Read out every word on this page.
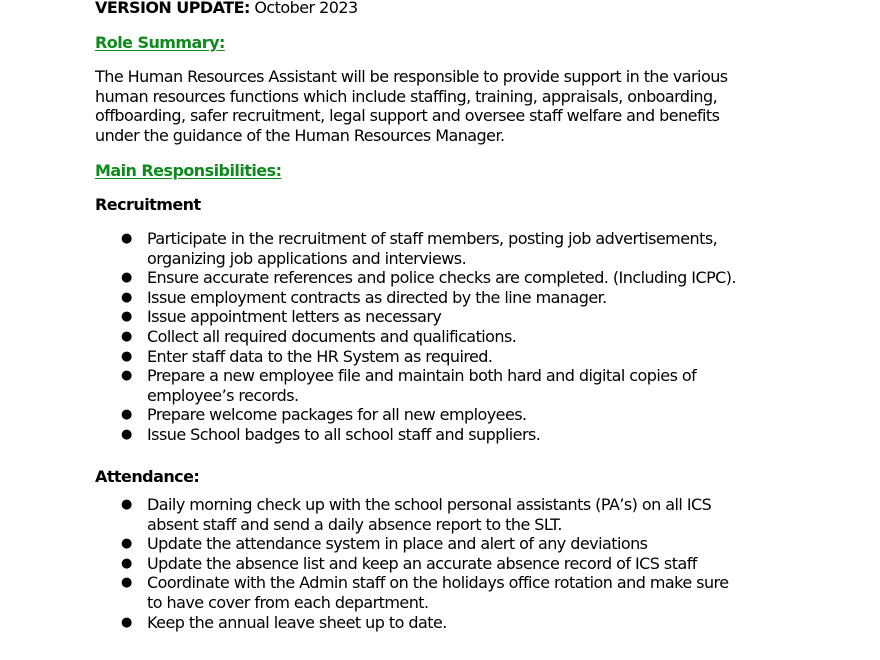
VERSION UPDATE: October 2023
Role Summary:
The Human Resources Assistant will be responsible to provide support in the various
human resources functions which include staffing, training, appraisals, onboarding,
offboarding, safer recruitment, legal support and oversee staff welfare and benefits
under the guidance of the Human Resources Manager.
Main Responsibilities:
Recruitment
● Participate in the recruitment of staff members, posting job advertisements,
organizing job applications and interviews.
● Ensure accurate references and police checks are completed. (Including ICPC).
● Issue employment contracts as directed by the line manager.
● Issue appointment letters as necessary
● Collect all required documents and qualifications.
● Enter staff data to the HR System as required.
● Prepare a new employee file and maintain both hard and digital copies of
employee’s records.
● Prepare welcome packages for all new employees.
● Issue School badges to all school staff and suppliers.
Attendance:
● Daily morning check up with the school personal assistants (PA’s) on all ICS
absent staff and send a daily absence report to the SLT.
● Update the attendance system in place and alert of any deviations
● Update the absence list and keep an accurate absence record of ICS staff
● Coordinate with the Admin staff on the holidays office rotation and make sure
to have cover from each department.
● Keep the annual leave sheet up to date.
